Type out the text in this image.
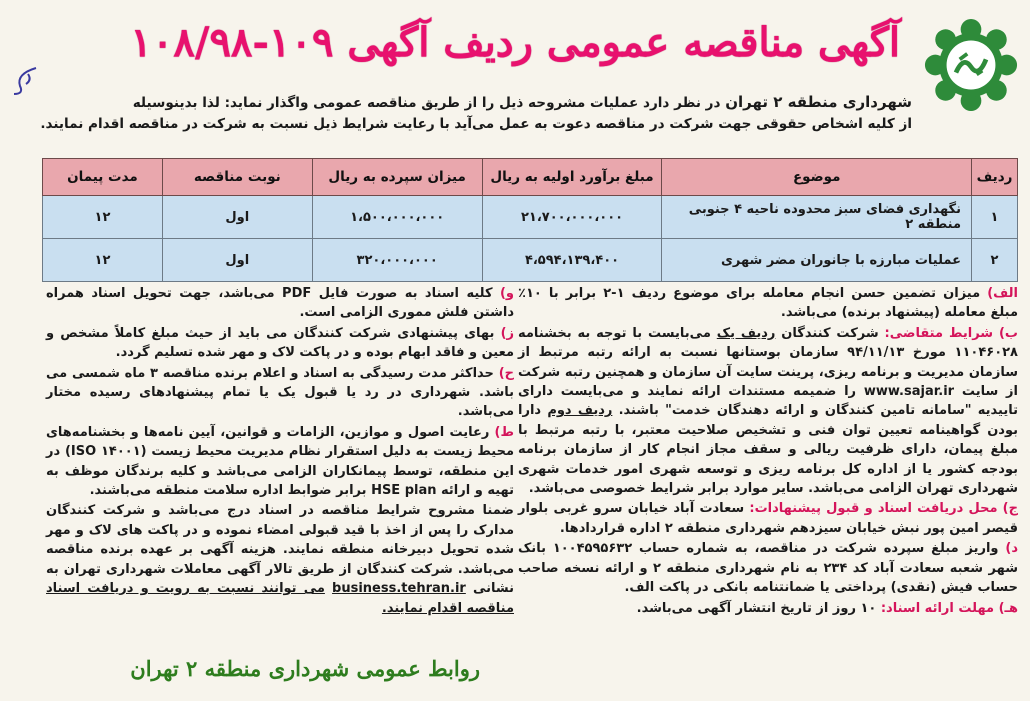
آگهی مناقصه عمومی ردیف آگهی ۱۰۹-۱۰۸/۹۸
شهرداری منطقه ۲ تهران در نظر دارد عملیات مشروحه ذیل را از طریق مناقصه عمومی واگذار نماید: لذا بدینوسیله
از کلیه اشخاص حقوقی جهت شرکت در مناقصه دعوت به عمل می‌آید با رعایت شرایط ذیل نسبت به شرکت در مناقصه اقدام نمایند.
ردیف	موضوع	مبلغ برآورد اولیه به ریال	میزان سپرده به ریال	نوبت مناقصه	مدت پیمان
۱	نگهداری فضای سبز محدوده ناحیه ۴ جنوبی منطقه ۲	۲۱،۷۰۰،۰۰۰،۰۰۰	۱،۵۰۰،۰۰۰،۰۰۰	اول	۱۲
۲	عملیات مبارزه با جانوران مضر شهری	۴،۵۹۴،۱۳۹،۴۰۰	۳۲۰،۰۰۰،۰۰۰	اول	۱۲

الف) میزان تضمین حسن انجام معامله برای موضوع ردیف ۱-۲ برابر با ۱۰٪ مبلغ معامله (پیشنهاد برنده) می‌باشد.

ب) شرایط متقاضی: شرکت کنندگان ردیف یک می‌بایست با توجه به بخشنامه ۱۱۰۴۶۰۲۸ مورخ ۹۴/۱۱/۱۳ سازمان بوستانها نسبت به ارائه رتبه مرتبط از سازمان مدیریت و برنامه ریزی، پرینت سایت آن سازمان و همچنین رتبه شرکت از سایت www.sajar.ir را ضمیمه مستندات ارائه نمایند و می‌بایست دارای تاییدیه "سامانه تامین کنندگان و ارائه دهندگان خدمت" باشند. ردیف دوم دارا بودن گواهینامه تعیین توان فنی و تشخیص صلاحیت معتبر، با رتبه مرتبط با مبلغ پیمان، دارای ظرفیت ریالی و سقف مجاز انجام کار از سازمان برنامه بودجه کشور یا از اداره کل برنامه ریزی و توسعه شهری امور خدمات شهری شهرداری تهران الزامی می‌باشد. سایر موارد برابر شرایط خصوصی می‌باشد.

ج) محل دریافت اسناد و قبول پیشنهادات: سعادت آباد خیابان سرو غربی بلوار قیصر امین پور نبش خیابان سیزدهم شهرداری منطقه ۲ اداره قراردادها.

د) واریز مبلغ سپرده شرکت در مناقصه، به شماره حساب ۱۰۰۴۵۹۵۶۳۲ بانک شهر شعبه سعادت آباد کد ۲۳۴ به نام شهرداری منطقه ۲ و ارائه نسخه صاحب حساب فیش (نقدی) پرداختی یا ضمانتنامه بانکی در پاکت الف.

هـ) مهلت ارائه اسناد: ۱۰ روز از تاریخ انتشار آگهی می‌باشد.

و) کلیه اسناد به صورت فایل PDF می‌باشد، جهت تحویل اسناد همراه داشتن فلش مموری الزامی است.

ز) بهای پیشنهادی شرکت کنندگان می باید از حیث مبلغ کاملاً مشخص و معین و فاقد ابهام بوده و در پاکت لاک و مهر شده تسلیم گردد.

ح) حداکثر مدت رسیدگی به اسناد و اعلام برنده مناقصه ۳ ماه شمسی می باشد. شهرداری در رد یا قبول یک یا تمام پیشنهادهای رسیده مختار می‌باشد.

ط) رعایت اصول و موازین، الزامات و قوانین، آیین نامه‌ها و بخشنامه‌های محیط زیست به دلیل استقرار نظام مدیریت محیط زیست (ISO ۱۴۰۰۱) در این منطقه، توسط پیمانکاران الزامی می‌باشد و کلیه برندگان موظف به تهیه و ارائه HSE plan برابر ضوابط اداره سلامت منطقه می‌باشند.

ضمنا مشروح شرایط مناقصه در اسناد درج می‌باشد و شرکت کنندگان مدارک را پس از اخذ با قید قبولی امضاء نموده و در پاکت های لاک و مهر شده تحویل دبیرخانه منطقه نمایند. هزینه آگهی بر عهده برنده مناقصه می‌باشد. شرکت کنندگان از طریق تالار آگهی معاملات شهرداری تهران به نشانی business.tehran.ir می توانند نسبت به رویت و دریافت اسناد مناقصه اقدام نمایند.

روابط عمومی شهرداری منطقه ۲ تهران
